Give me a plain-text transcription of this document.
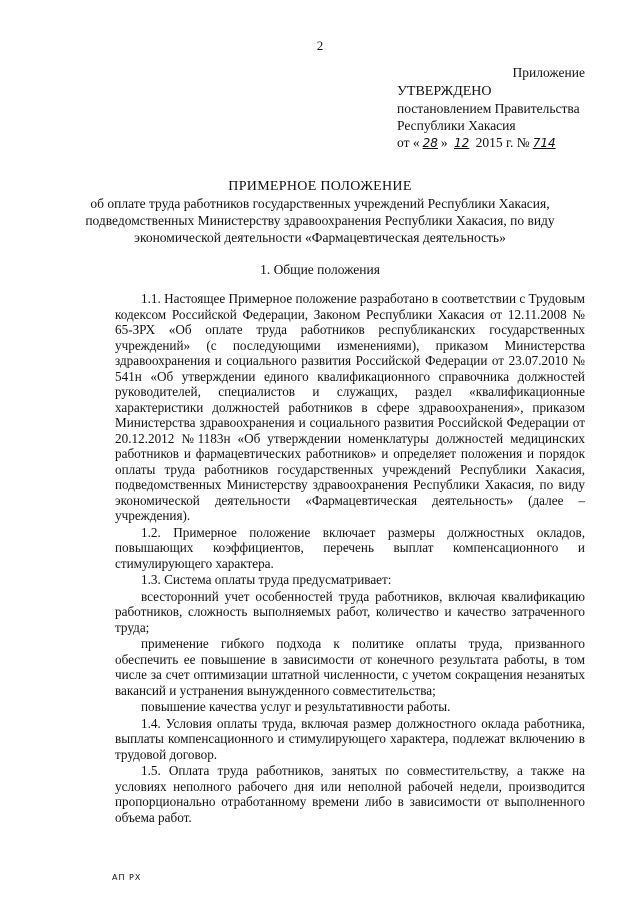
2
Приложение
УТВЕРЖДЕНО
постановлением Правительства
Республики Хакасия
от « 28 » 12 2015 г. № 714
ПРИМЕРНОЕ ПОЛОЖЕНИЕ
об оплате труда работников государственных учреждений Республики Хакасия,
подведомственных Министерству здравоохранения Республики Хакасия, по виду
экономической деятельности «Фармацевтическая деятельность»
1. Общие положения

1.1. Настоящее Примерное положение разработано в соответствии с Трудовым кодексом Российской Федерации, Законом Республики Хакасия от 12.11.2008 № 65-ЗРХ «Об оплате труда работников республиканских государственных учреждений» (с последующими изменениями), приказом Министерства здравоохранения и социального развития Российской Федерации от 23.07.2010 № 541н «Об утверждении единого квалификационного справочника должностей руководителей, специалистов и служащих, раздел «квалификационные характеристики должностей работников в сфере здравоохранения», приказом Министерства здравоохранения и социального развития Российской Федерации от 20.12.2012 №1183н «Об утверждении номенклатуры должностей медицинских работников и фармацевтических работников» и определяет положения и порядок оплаты труда работников государственных учреждений Республики Хакасия, подведомственных Министерству здравоохранения Республики Хакасия, по виду экономической деятельности «Фармацевтическая деятельность» (далее – учреждения).

1.2. Примерное положение включает размеры должностных окладов, повышающих коэффициентов, перечень выплат компенсационного и стимулирующего характера.

1.3. Система оплаты труда предусматривает:

всесторонний учет особенностей труда работников, включая квалификацию работников, сложность выполняемых работ, количество и качество затраченного труда;

применение гибкого подхода к политике оплаты труда, призванного обеспечить ее повышение в зависимости от конечного результата работы, в том числе за счет оптимизации штатной численности, с учетом сокращения незанятых вакансий и устранения вынужденного совместительства;

повышение качества услуг и результативности работы.

1.4. Условия оплаты труда, включая размер должностного оклада работника, выплаты компенсационного и стимулирующего характера, подлежат включению в трудовой договор.

1.5. Оплата труда работников, занятых по совместительству, а также на условиях неполного рабочего дня или неполной рабочей недели, производится пропорционально отработанному времени либо в зависимости от выполненного объема работ.

АП РХ
